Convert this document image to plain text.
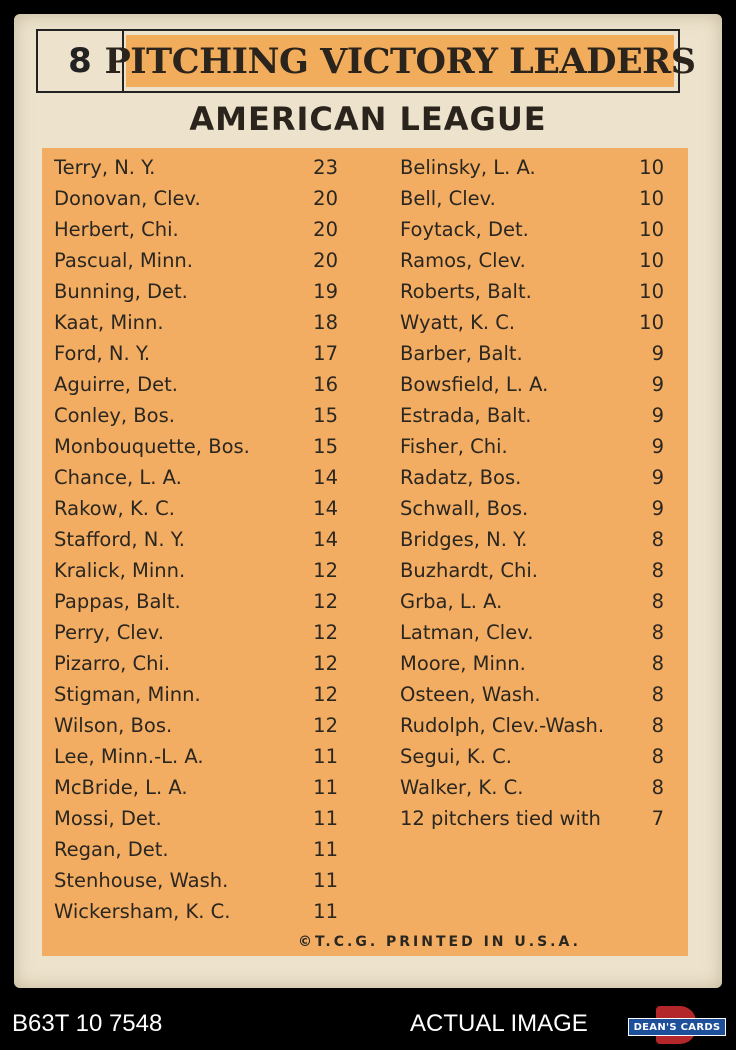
8 PITCHING VICTORY LEADERS
AMERICAN LEAGUE
Terry, N. Y.	23
Donovan, Clev.	20
Herbert, Chi.	20
Pascual, Minn.	20
Bunning, Det.	19
Kaat, Minn.	18
Ford, N. Y.	17
Aguirre, Det.	16
Conley, Bos.	15
Monbouquette, Bos.	15
Chance, L. A.	14
Rakow, K. C.	14
Stafford, N. Y.	14
Kralick, Minn.	12
Pappas, Balt.	12
Perry, Clev.	12
Pizarro, Chi.	12
Stigman, Minn.	12
Wilson, Bos.	12
Lee, Minn.-L. A.	11
McBride, L. A.	11
Mossi, Det.	11
Regan, Det.	11
Stenhouse, Wash.	11
Wickersham, K. C.	11
Belinsky, L. A.	10
Bell, Clev.	10
Foytack, Det.	10
Ramos, Clev.	10
Roberts, Balt.	10
Wyatt, K. C.	10
Barber, Balt.	9
Bowsfield, L. A.	9
Estrada, Balt.	9
Fisher, Chi.	9
Radatz, Bos.	9
Schwall, Bos.	9
Bridges, N. Y.	8
Buzhardt, Chi.	8
Grba, L. A.	8
Latman, Clev.	8
Moore, Minn.	8
Osteen, Wash.	8
Rudolph, Clev.-Wash.	8
Segui, K. C.	8
Walker, K. C.	8
12 pitchers tied with	7
©T.C.G. PRINTED IN U.S.A.
B63T 10 7548	ACTUAL IMAGE	DEAN'S CARDS
